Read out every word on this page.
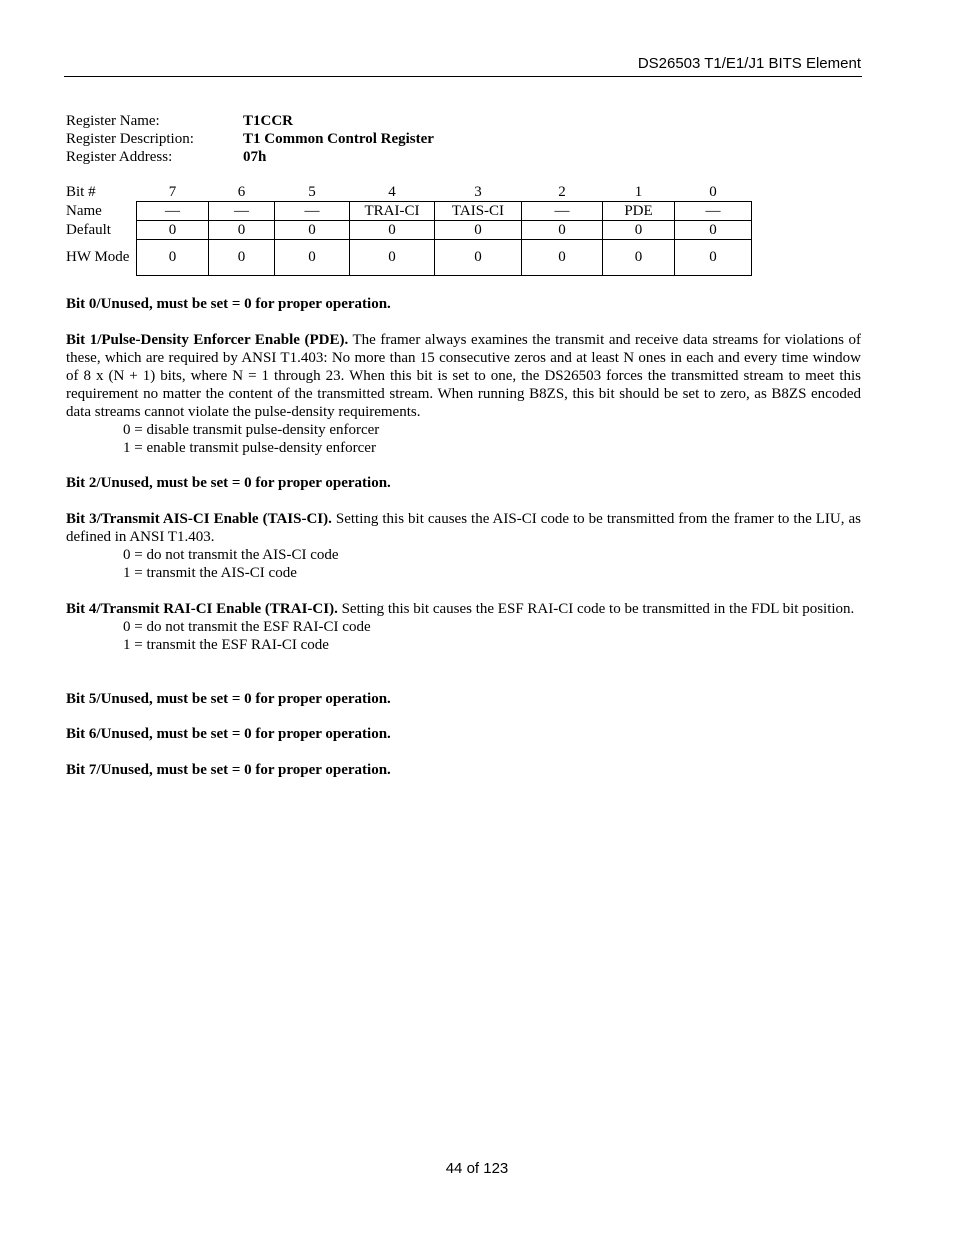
DS26503 T1/E1/J1 BITS Element
Register Name:	T1CCR
Register Description:	T1 Common Control Register
Register Address:	07h
Bit #	7	6	5	4	3	2	1	0
Name	—	—	—	TRAI-CI	TAIS-CI	—	PDE	—
Default	0	0	0	0	0	0	0	0
HW Mode	0	0	0	0	0	0	0	0
Bit 0/Unused, must be set = 0 for proper operation.
Bit 1/Pulse-Density Enforcer Enable (PDE). The framer always examines the transmit and receive data streams for violations of these, which are required by ANSI T1.403: No more than 15 consecutive zeros and at least N ones in each and every time window of 8 x (N + 1) bits, where N = 1 through 23. When this bit is set to one, the DS26503 forces the transmitted stream to meet this requirement no matter the content of the transmitted stream. When running B8ZS, this bit should be set to zero, as B8ZS encoded data streams cannot violate the pulse-density requirements.
0 = disable transmit pulse-density enforcer
1 = enable transmit pulse-density enforcer
Bit 2/Unused, must be set = 0 for proper operation.
Bit 3/Transmit AIS-CI Enable (TAIS-CI). Setting this bit causes the AIS-CI code to be transmitted from the framer to the LIU, as defined in ANSI T1.403.
0 = do not transmit the AIS-CI code
1 = transmit the AIS-CI code
Bit 4/Transmit RAI-CI Enable (TRAI-CI). Setting this bit causes the ESF RAI-CI code to be transmitted in the FDL bit position.
0 = do not transmit the ESF RAI-CI code
1 = transmit the ESF RAI-CI code
Bit 5/Unused, must be set = 0 for proper operation.
Bit 6/Unused, must be set = 0 for proper operation.
Bit 7/Unused, must be set = 0 for proper operation.
44 of 123
